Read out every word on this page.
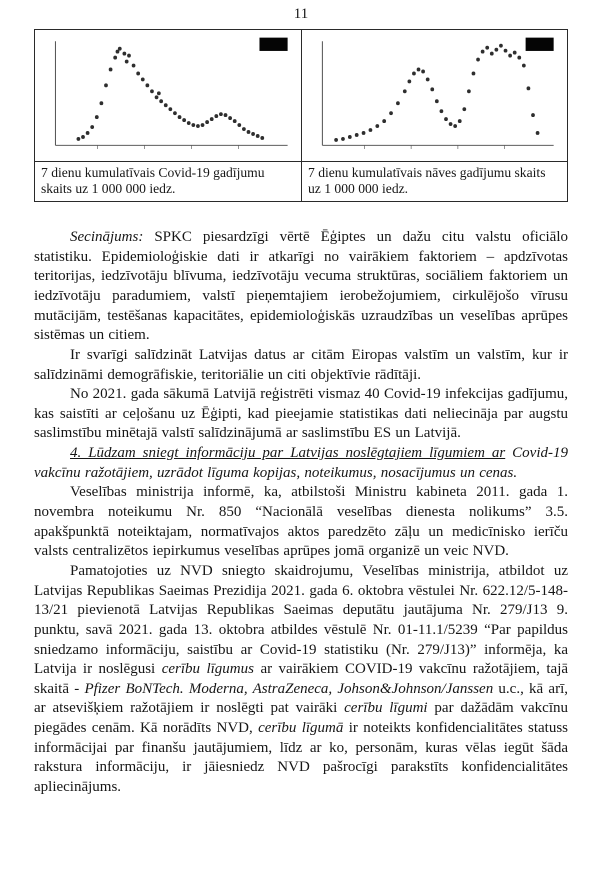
11
7 dienu kumulatīvais Covid-19 gadījumu skaits uz 1 000 000 iedz.
7 dienu kumulatīvais nāves gadījumu skaits uz 1 000 000 iedz.

Secinājums: SPKC piesardzīgi vērtē Ēģiptes un dažu citu valstu oficiālo statistiku. Epidemioloģiskie dati ir atkarīgi no vairākiem faktoriem – apdzīvotas teritorijas, iedzīvotāju blīvuma, iedzīvotāju vecuma struktūras, sociāliem faktoriem un iedzīvotāju paradumiem, valstī pieņemtajiem ierobežojumiem, cirkulējošo vīrusu mutācijām, testēšanas kapacitātes, epidemioloģiskās uzraudzības un veselības aprūpes sistēmas un citiem.

Ir svarīgi salīdzināt Latvijas datus ar citām Eiropas valstīm un valstīm, kur ir salīdzināmi demogrāfiskie, teritoriālie un citi objektīvie rādītāji.

No 2021. gada sākumā Latvijā reģistrēti vismaz 40 Covid-19 infekcijas gadījumu, kas saistīti ar ceļošanu uz Ēģipti, kad pieejamie statistikas dati neliecināja par augstu saslimstību minētajā valstī salīdzinājumā ar saslimstību ES un Latvijā.

4. Lūdzam sniegt informāciju par Latvijas noslēgtajiem līgumiem ar Covid-19 vakcīnu ražotājiem, uzrādot līguma kopijas, noteikumus, nosacījumus un cenas.

Veselības ministrija informē, ka, atbilstoši Ministru kabineta 2011. gada 1. novembra noteikumu Nr. 850 “Nacionālā veselības dienesta nolikums” 3.5. apakšpunktā noteiktajam, normatīvajos aktos paredzēto zāļu un medicīnisko ierīču valsts centralizētos iepirkumus veselības aprūpes jomā organizē un veic NVD.

Pamatojoties uz NVD sniegto skaidrojumu, Veselības ministrija, atbildot uz Latvijas Republikas Saeimas Prezidija 2021. gada 6. oktobra vēstulei Nr. 622.12/5-148-13/21 pievienotā Latvijas Republikas Saeimas deputātu jautājuma Nr. 279/J13 9. punktu, savā 2021. gada 13. oktobra atbildes vēstulē Nr. 01-11.1/5239 “Par papildus sniedzamo informāciju, saistību ar Covid-19 statistiku (Nr. 279/J13)” informēja, ka Latvija ir noslēgusi cerību līgumus ar vairākiem COVID-19 vakcīnu ražotājiem, tajā skaitā - Pfizer BoNTech. Moderna, AstraZeneca, Johson&Johnson/Janssen u.c., kā arī, ar atsevišķiem ražotājiem ir noslēgti pat vairāki cerību līgumi par dažādām vakcīnu piegādes cenām. Kā norādīts NVD, cerību līgumā ir noteikts konfidencialitātes statuss informācijai par finanšu jautājumiem, līdz ar ko, personām, kuras vēlas iegūt šāda rakstura informāciju, ir jāiesniedz NVD pašrocīgi parakstīts konfidencialitātes apliecinājums.
